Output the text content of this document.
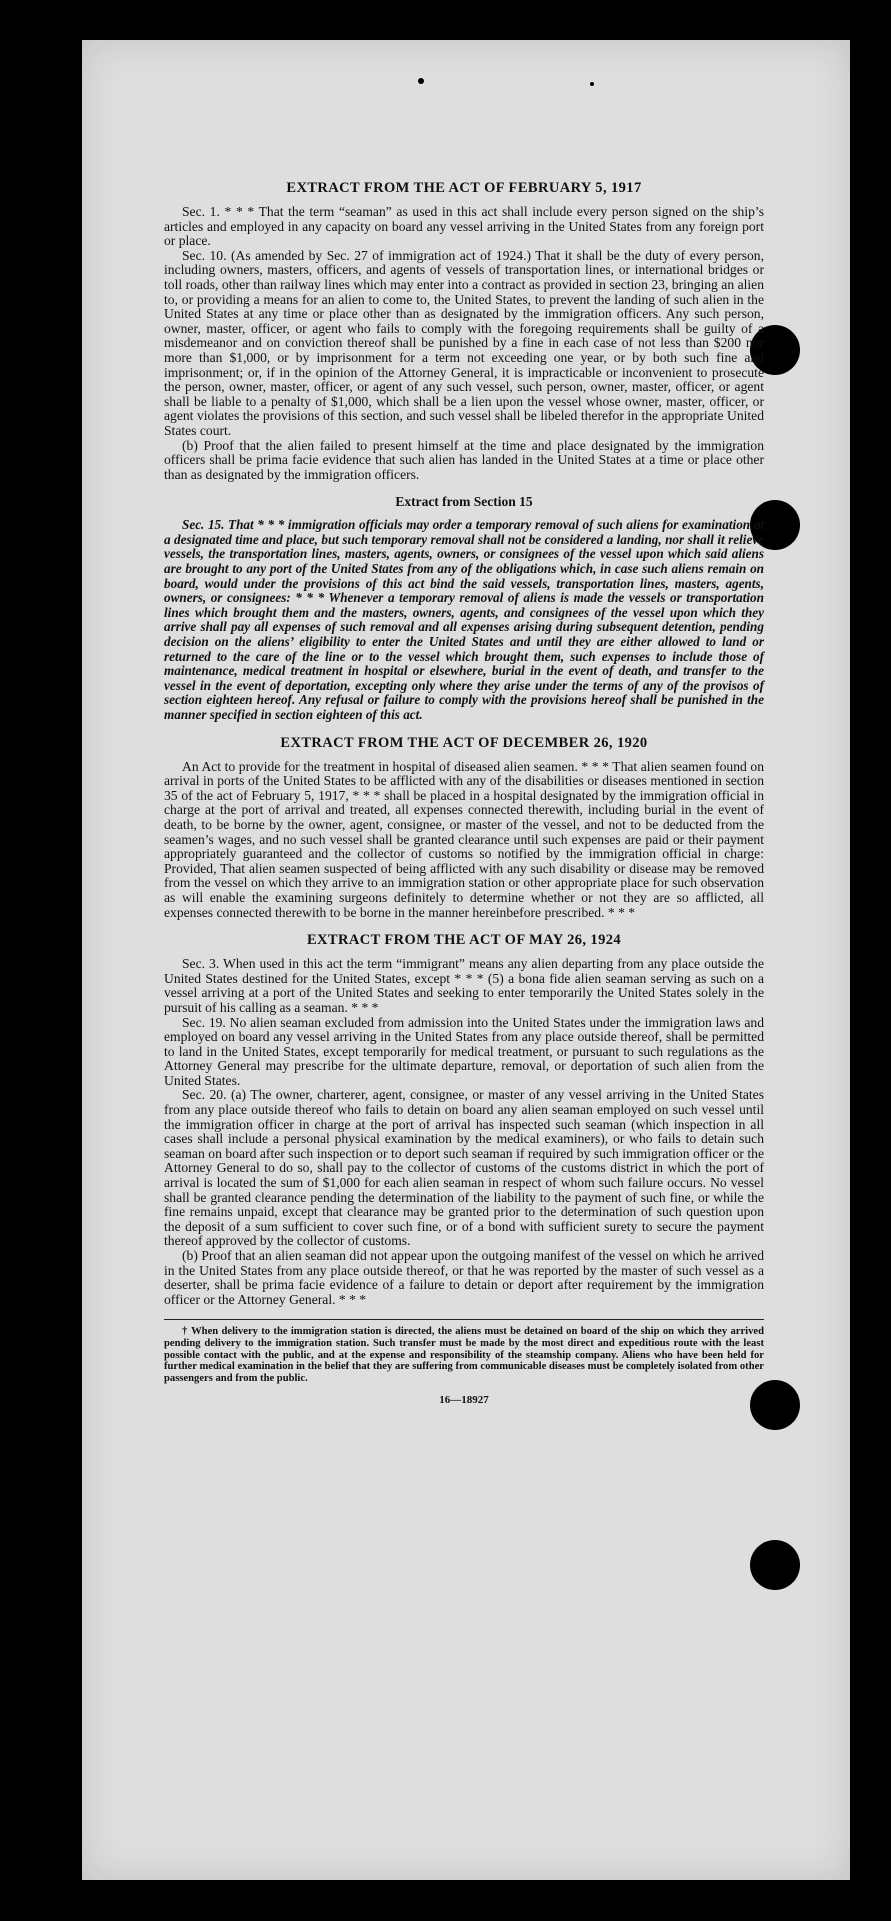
EXTRACT FROM THE ACT OF FEBRUARY 5, 1917

Sec. 1. * * * That the term “seaman” as used in this act shall include every person signed on the ship’s articles and employed in any capacity on board any vessel arriving in the United States from any foreign port or place.

Sec. 10. (As amended by Sec. 27 of immigration act of 1924.) That it shall be the duty of every person, including owners, masters, officers, and agents of vessels of transportation lines, or international bridges or toll roads, other than railway lines which may enter into a contract as provided in section 23, bringing an alien to, or providing a means for an alien to come to, the United States, to prevent the landing of such alien in the United States at any time or place other than as designated by the immigration officers. Any such person, owner, master, officer, or agent who fails to comply with the foregoing requirements shall be guilty of a misdemeanor and on conviction thereof shall be punished by a fine in each case of not less than $200 nor more than $1,000, or by imprisonment for a term not exceeding one year, or by both such fine and imprisonment; or, if in the opinion of the Attorney General, it is impracticable or inconvenient to prosecute the person, owner, master, officer, or agent of any such vessel, such person, owner, master, officer, or agent shall be liable to a penalty of $1,000, which shall be a lien upon the vessel whose owner, master, officer, or agent violates the provisions of this section, and such vessel shall be libeled therefor in the appropriate United States court.

(b) Proof that the alien failed to present himself at the time and place designated by the immigration officers shall be prima facie evidence that such alien has landed in the United States at a time or place other than as designated by the immigration officers.

Extract from Section 15

Sec. 15. That * * * immigration officials may order a temporary removal of such aliens for examination at a designated time and place, but such temporary removal shall not be considered a landing, nor shall it relieve vessels, the transportation lines, masters, agents, owners, or consignees of the vessel upon which said aliens are brought to any port of the United States from any of the obligations which, in case such aliens remain on board, would under the provisions of this act bind the said vessels, transportation lines, masters, agents, owners, or consignees: * * * Whenever a temporary removal of aliens is made the vessels or transportation lines which brought them and the masters, owners, agents, and consignees of the vessel upon which they arrive shall pay all expenses of such removal and all expenses arising during subsequent detention, pending decision on the aliens’ eligibility to enter the United States and until they are either allowed to land or returned to the care of the line or to the vessel which brought them, such expenses to include those of maintenance, medical treatment in hospital or elsewhere, burial in the event of death, and transfer to the vessel in the event of deportation, excepting only where they arise under the terms of any of the provisos of section eighteen hereof. Any refusal or failure to comply with the provisions hereof shall be punished in the manner specified in section eighteen of this act.

EXTRACT FROM THE ACT OF DECEMBER 26, 1920

An Act to provide for the treatment in hospital of diseased alien seamen. * * * That alien seamen found on arrival in ports of the United States to be afflicted with any of the disabilities or diseases mentioned in section 35 of the act of February 5, 1917, * * * shall be placed in a hospital designated by the immigration official in charge at the port of arrival and treated, all expenses connected therewith, including burial in the event of death, to be borne by the owner, agent, consignee, or master of the vessel, and not to be deducted from the seamen’s wages, and no such vessel shall be granted clearance until such expenses are paid or their payment appropriately guaranteed and the collector of customs so notified by the immigration official in charge: Provided, That alien seamen suspected of being afflicted with any such disability or disease may be removed from the vessel on which they arrive to an immigration station or other appropriate place for such observation as will enable the examining surgeons definitely to determine whether or not they are so afflicted, all expenses connected therewith to be borne in the manner hereinbefore prescribed. * * *

EXTRACT FROM THE ACT OF MAY 26, 1924

Sec. 3. When used in this act the term “immigrant” means any alien departing from any place outside the United States destined for the United States, except * * * (5) a bona fide alien seaman serving as such on a vessel arriving at a port of the United States and seeking to enter temporarily the United States solely in the pursuit of his calling as a seaman. * * *

Sec. 19. No alien seaman excluded from admission into the United States under the immigration laws and employed on board any vessel arriving in the United States from any place outside thereof, shall be permitted to land in the United States, except temporarily for medical treatment, or pursuant to such regulations as the Attorney General may prescribe for the ultimate departure, removal, or deportation of such alien from the United States.

Sec. 20. (a) The owner, charterer, agent, consignee, or master of any vessel arriving in the United States from any place outside thereof who fails to detain on board any alien seaman employed on such vessel until the immigration officer in charge at the port of arrival has inspected such seaman (which inspection in all cases shall include a personal physical examination by the medical examiners), or who fails to detain such seaman on board after such inspection or to deport such seaman if required by such immigration officer or the Attorney General to do so, shall pay to the collector of customs of the customs district in which the port of arrival is located the sum of $1,000 for each alien seaman in respect of whom such failure occurs. No vessel shall be granted clearance pending the determination of the liability to the payment of such fine, or while the fine remains unpaid, except that clearance may be granted prior to the determination of such question upon the deposit of a sum sufficient to cover such fine, or of a bond with sufficient surety to secure the payment thereof approved by the collector of customs.

(b) Proof that an alien seaman did not appear upon the outgoing manifest of the vessel on which he arrived in the United States from any place outside thereof, or that he was reported by the master of such vessel as a deserter, shall be prima facie evidence of a failure to detain or deport after requirement by the immigration officer or the Attorney General. * * *

† When delivery to the immigration station is directed, the aliens must be detained on board of the ship on which they arrived pending delivery to the immigration station. Such transfer must be made by the most direct and expeditious route with the least possible contact with the public, and at the expense and responsibility of the steamship company. Aliens who have been held for further medical examination in the belief that they are suffering from communicable diseases must be completely isolated from other passengers and from the public.

16—18927
